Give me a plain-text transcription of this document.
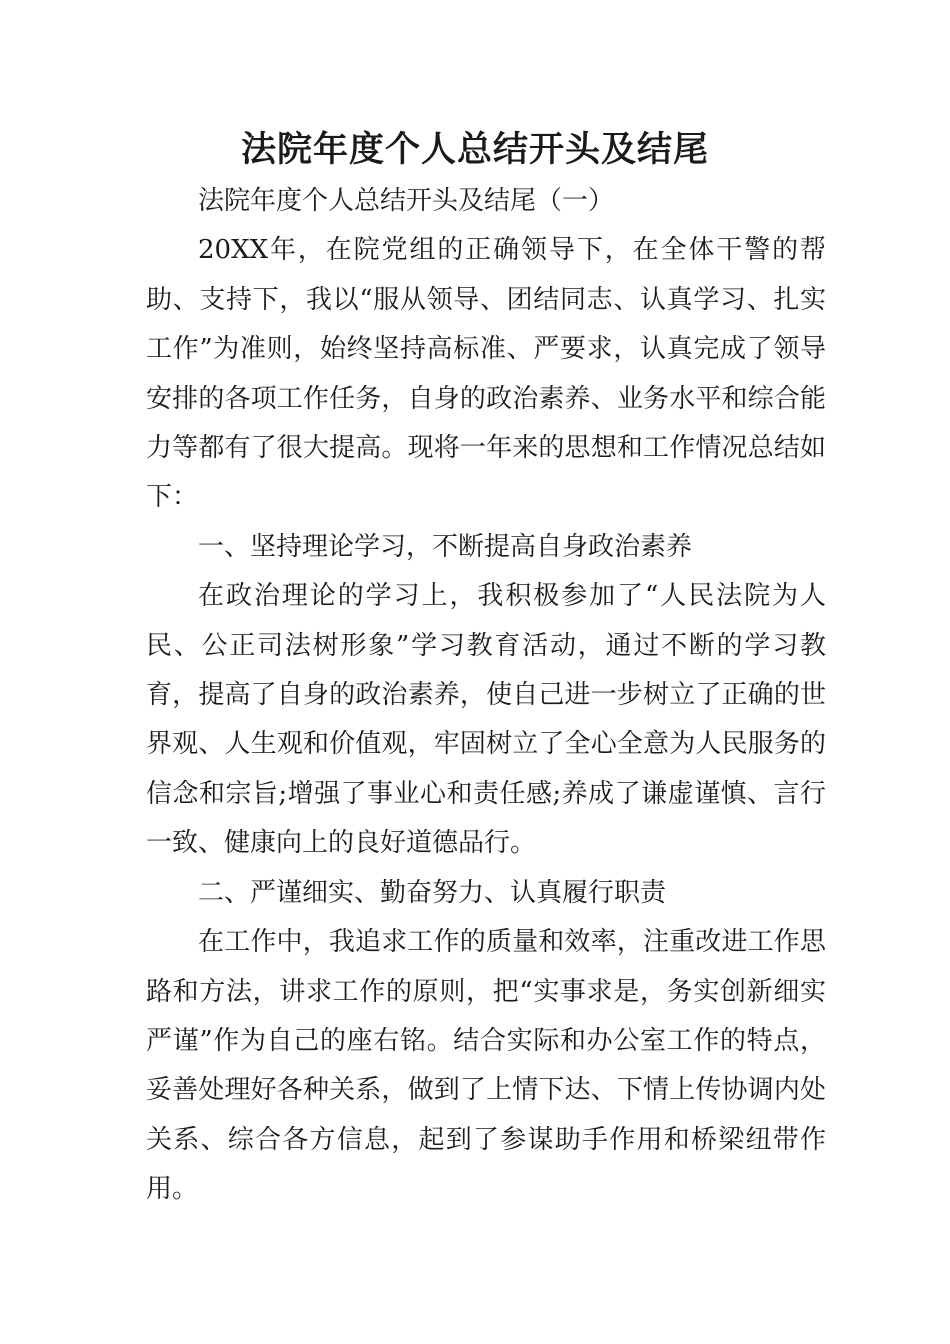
法院年度个人总结开头及结尾

法院年度个人总结开头及结尾（一）

20XX年，在院党组的正确领导下，在全体干警的帮助、支持下，我以“服从领导、团结同志、认真学习、扎实工作”为准则，始终坚持高标准、严要求，认真完成了领导安排的各项工作任务，自身的政治素养、业务水平和综合能力等都有了很大提高。现将一年来的思想和工作情况总结如下：

一、坚持理论学习，不断提高自身政治素养

在政治理论的学习上，我积极参加了“人民法院为人民、公正司法树形象”学习教育活动，通过不断的学习教育，提高了自身的政治素养，使自己进一步树立了正确的世界观、人生观和价值观，牢固树立了全心全意为人民服务的信念和宗旨;增强了事业心和责任感;养成了谦虚谨慎、言行一致、健康向上的良好道德品行。

二、严谨细实、勤奋努力、认真履行职责

在工作中，我追求工作的质量和效率，注重改进工作思路和方法，讲求工作的原则，把“实事求是，务实创新细实严谨”作为自己的座右铭。结合实际和办公室工作的特点，妥善处理好各种关系，做到了上情下达、下情上传协调内处关系、综合各方信息，起到了参谋助手作用和桥梁纽带作用。
